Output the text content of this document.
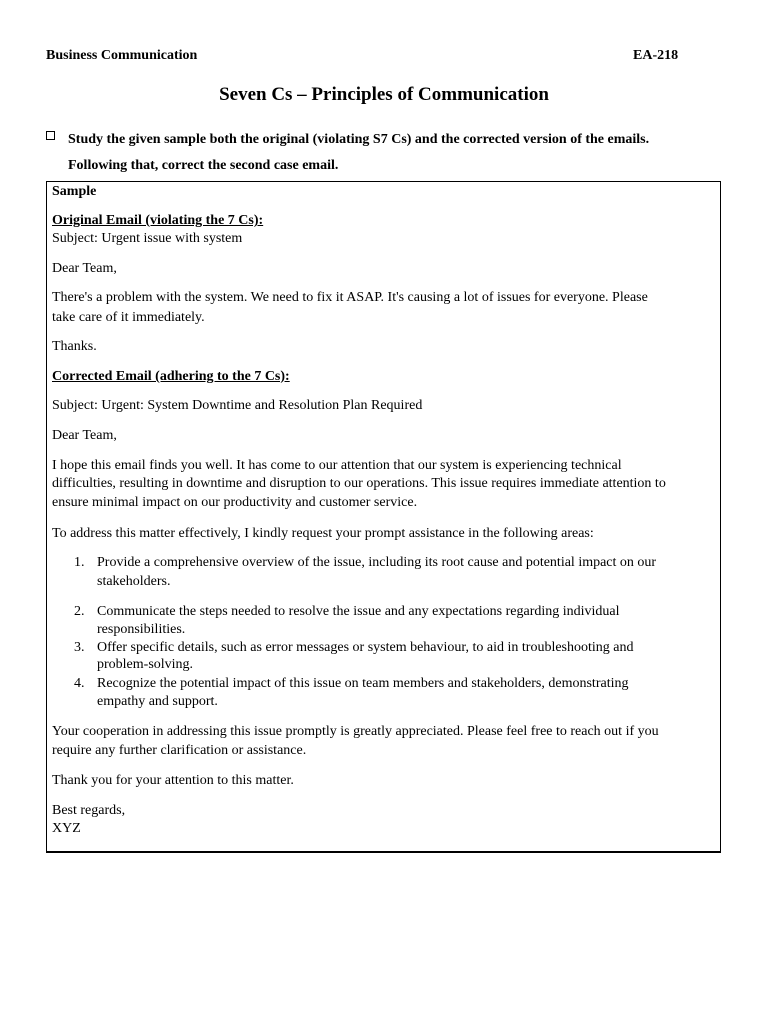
Business Communication	EA-218
Seven Cs – Principles of Communication
Study the given sample both the original (violating S7 Cs) and the corrected version of the emails.
Following that, correct the second case email.
Sample
Original Email (violating the 7 Cs):
Subject: Urgent issue with system
Dear Team,
There's a problem with the system. We need to fix it ASAP. It's causing a lot of issues for everyone. Please
take care of it immediately.
Thanks.
Corrected Email (adhering to the 7 Cs):
Subject: Urgent: System Downtime and Resolution Plan Required
Dear Team,
I hope this email finds you well. It has come to our attention that our system is experiencing technical
difficulties, resulting in downtime and disruption to our operations. This issue requires immediate attention to
ensure minimal impact on our productivity and customer service.
To address this matter effectively, I kindly request your prompt assistance in the following areas:
1. Provide a comprehensive overview of the issue, including its root cause and potential impact on our
stakeholders.
2. Communicate the steps needed to resolve the issue and any expectations regarding individual
responsibilities.
3. Offer specific details, such as error messages or system behaviour, to aid in troubleshooting and
problem-solving.
4. Recognize the potential impact of this issue on team members and stakeholders, demonstrating
empathy and support.
Your cooperation in addressing this issue promptly is greatly appreciated. Please feel free to reach out if you
require any further clarification or assistance.
Thank you for your attention to this matter.
Best regards,
XYZ
